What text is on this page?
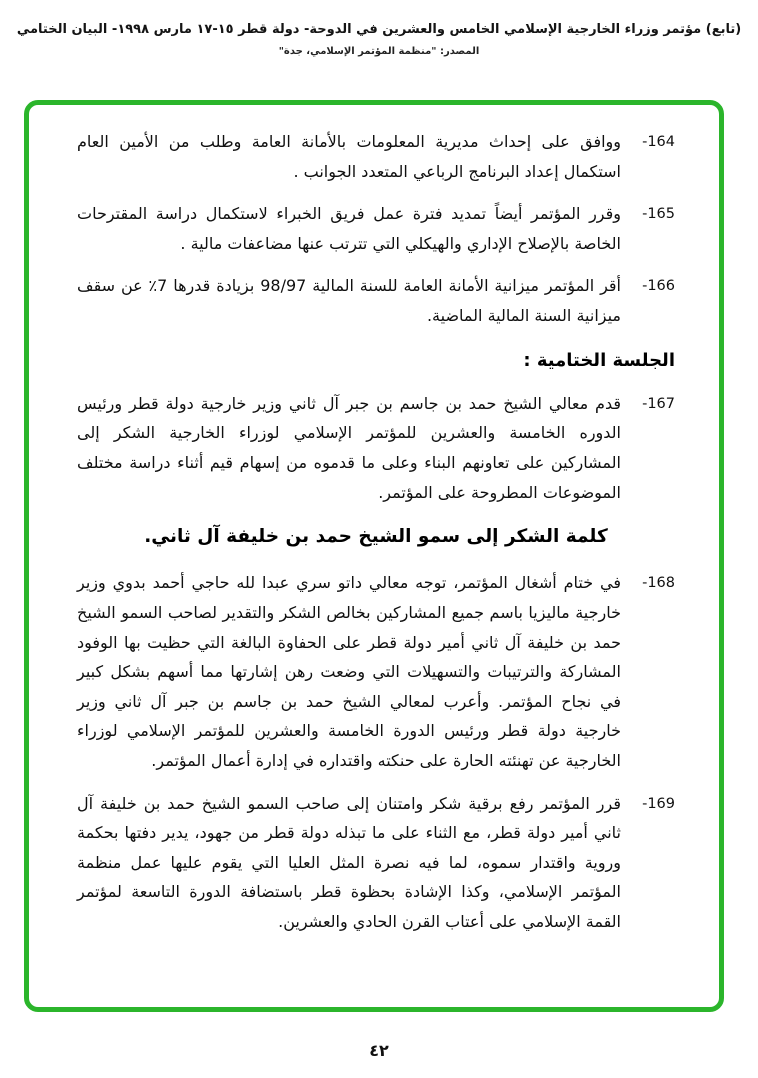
(تابع) مؤتمر وزراء الخارجية الإسلامي الخامس والعشرين في الدوحة- دولة قطر ١٥-١٧ مارس ١٩٩٨- البيان الختامي
المصدر: "منظمة المؤتمر الإسلامي، جدة"
164-
ووافق على إحداث مديرية المعلومات بالأمانة العامة وطلب من الأمين العام استكمال إعداد البرنامج الرباعي المتعدد الجوانب .
165-
وقرر المؤتمر أيضاً تمديد فترة عمل فريق الخبراء لاستكمال دراسة المقترحات الخاصة بالإصلاح الإداري والهيكلي التي تترتب عنها مضاعفات مالية .
166-
أقر المؤتمر ميزانية الأمانة العامة للسنة المالية 98/97 بزيادة قدرها 7٪ عن سقف ميزانية السنة المالية الماضية.
الجلسة الختامية :
167-
قدم معالي الشيخ حمد بن جاسم بن جبر آل ثاني وزير خارجية دولة قطر ورئيس الدوره الخامسة والعشرين للمؤتمر الإسلامي لوزراء الخارجية الشكر إلى المشاركين على تعاونهم البناء وعلى ما قدموه من إسهام قيم أثناء دراسة مختلف الموضوعات المطروحة على المؤتمر.
كلمة الشكر إلى سمو الشيخ حمد بن خليفة آل ثاني.
168-
في ختام أشغال المؤتمر، توجه معالي داتو سري عبدا لله حاجي أحمد بدوي وزير خارجية ماليزيا باسم جميع المشاركين بخالص الشكر والتقدير لصاحب السمو الشيخ حمد بن خليفة آل ثاني أمير دولة قطر على الحفاوة البالغة التي حظيت بها الوفود المشاركة والترتيبات والتسهيلات التي وضعت رهن إشارتها مما أسهم بشكل كبير في نجاح المؤتمر. وأعرب لمعالي الشيخ حمد بن جاسم بن جبر آل ثاني وزير خارجية دولة قطر ورئيس الدورة الخامسة والعشرين للمؤتمر الإسلامي لوزراء الخارجية عن تهنئته الحارة على حنكته واقتداره في إدارة أعمال المؤتمر.
169-
قرر المؤتمر رفع برقية شكر وامتنان إلى صاحب السمو الشيخ حمد بن خليفة آل ثاني أمير دولة قطر، مع الثناء على ما تبذله دولة قطر من جهود، يدير دفتها بحكمة وروية واقتدار سموه، لما فيه نصرة المثل العليا التي يقوم عليها عمل منظمة المؤتمر الإسلامي، وكذا الإشادة بحظوة قطر باستضافة الدورة التاسعة لمؤتمر القمة الإسلامي على أعتاب القرن الحادي والعشرين.
٤٢
